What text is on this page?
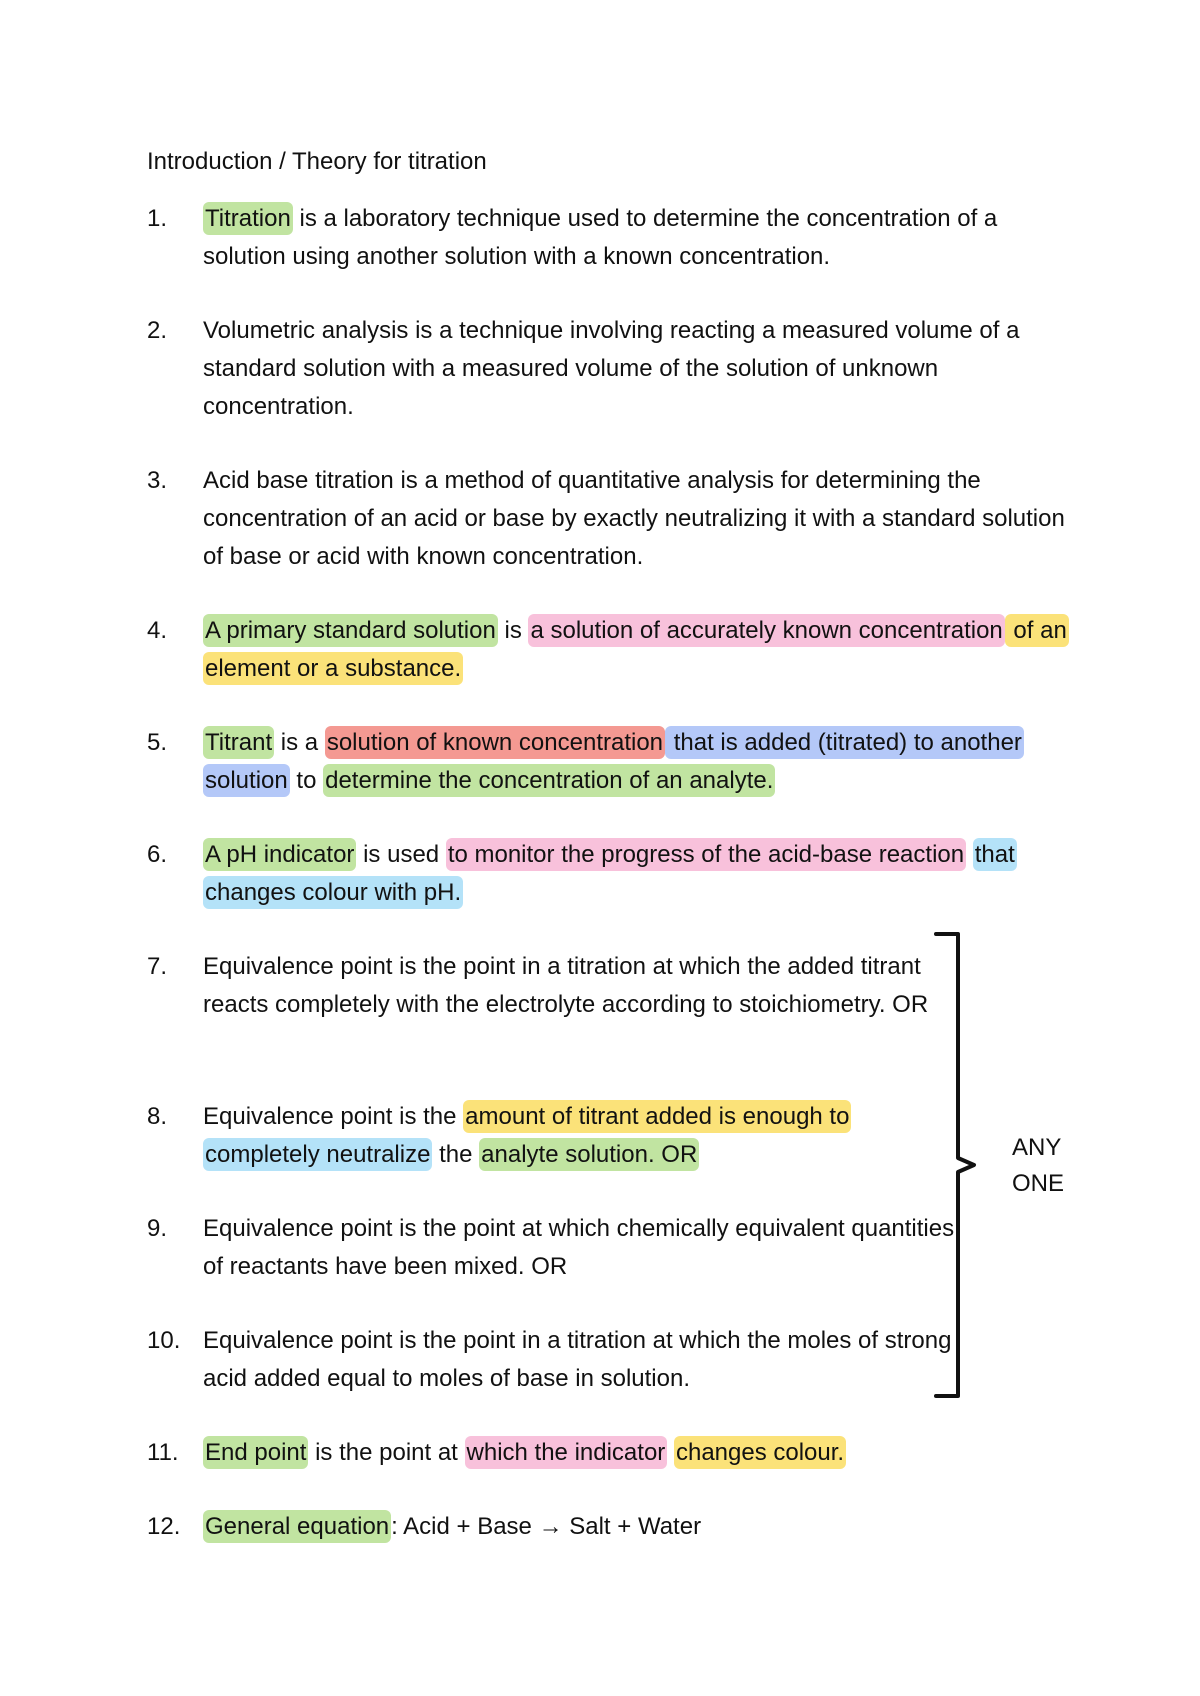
Introduction / Theory for titration
1. Titration is a laboratory technique used to determine the concentration of a solution using another solution with a known concentration.
2. Volumetric analysis is a technique involving reacting a measured volume of a standard solution with a measured volume of the solution of unknown concentration.
3. Acid base titration is a method of quantitative analysis for determining the concentration of an acid or base by exactly neutralizing it with a standard solution of base or acid with known concentration.
4. A primary standard solution is a solution of accurately known concentration of an element or a substance.
5. Titrant is a solution of known concentration that is added (titrated) to another solution to determine the concentration of an analyte.
6. A pH indicator is used to monitor the progress of the acid-base reaction that changes colour with pH.
7. Equivalence point is the point in a titration at which the added titrant reacts completely with the electrolyte according to stoichiometry. OR
8. Equivalence point is the amount of titrant added is enough to completely neutralize the analyte solution. OR
9. Equivalence point is the point at which chemically equivalent quantities of reactants have been mixed. OR
10. Equivalence point is the point in a titration at which the moles of strong acid added equal to moles of base in solution.
11. End point is the point at which the indicator changes colour.
12. General equation: Acid + Base → Salt + Water
ANY
ONE
